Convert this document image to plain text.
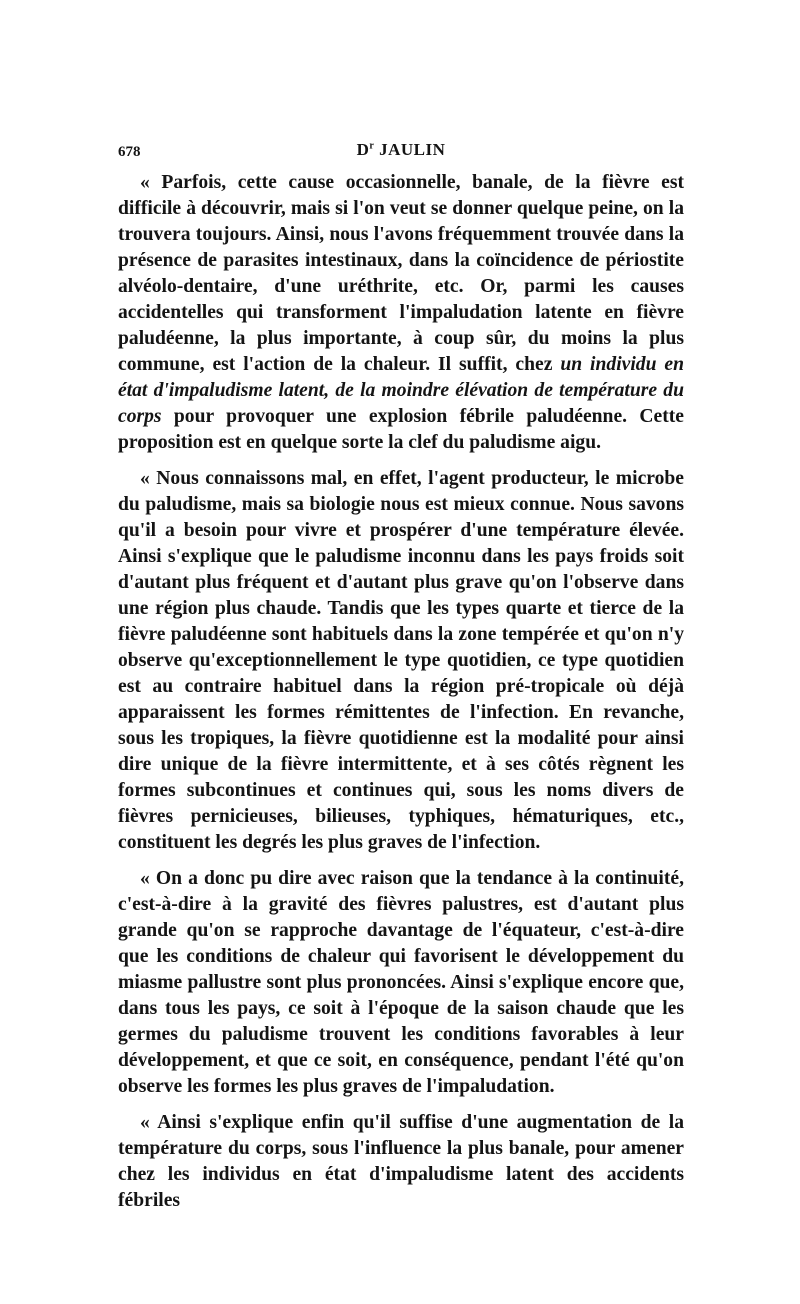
678	$D^r$ JAULIN

« Parfois, cette cause occasionnelle, banale, de la fièvre est difficile à découvrir, mais si l'on veut se donner quelque peine, on la trouvera toujours. Ainsi, nous l'avons fréquemment trouvée dans la présence de parasites intestinaux, dans la coïncidence de périostite alvéolo-dentaire, d'une uréthrite, etc. Or, parmi les causes accidentelles qui transforment l'impaludation latente en fièvre paludéenne, la plus importante, à coup sûr, du moins la plus commune, est l'action de la chaleur. Il suffit, chez un individu en état d'impaludisme latent, de la moindre élévation de température du corps pour provoquer une explosion fébrile paludéenne. Cette proposition est en quelque sorte la clef du paludisme aigu.

« Nous connaissons mal, en effet, l'agent producteur, le microbe du paludisme, mais sa biologie nous est mieux connue. Nous savons qu'il a besoin pour vivre et prospérer d'une température élevée. Ainsi s'explique que le paludisme inconnu dans les pays froids soit d'autant plus fréquent et d'autant plus grave qu'on l'observe dans une région plus chaude. Tandis que les types quarte et tierce de la fièvre paludéenne sont habituels dans la zone tempérée et qu'on n'y observe qu'exceptionnellement le type quotidien, ce type quotidien est au contraire habituel dans la région pré-tropicale où déjà apparaissent les formes rémittentes de l'infection. En revanche, sous les tropiques, la fièvre quotidienne est la modalité pour ainsi dire unique de la fièvre intermittente, et à ses côtés règnent les formes subcontinues et continues qui, sous les noms divers de fièvres pernicieuses, bilieuses, typhiques, hématuriques, etc., constituent les degrés les plus graves de l'infection.

« On a donc pu dire avec raison que la tendance à la continuité, c'est-à-dire à la gravité des fièvres palustres, est d'autant plus grande qu'on se rapproche davantage de l'équateur, c'est-à-dire que les conditions de chaleur qui favorisent le développement du miasme pallustre sont plus prononcées. Ainsi s'explique encore que, dans tous les pays, ce soit à l'époque de la saison chaude que les germes du paludisme trouvent les conditions favorables à leur développement, et que ce soit, en conséquence, pendant l'été qu'on observe les formes les plus graves de l'impaludation.

« Ainsi s'explique enfin qu'il suffise d'une augmentation de la température du corps, sous l'influence la plus banale, pour amener chez les individus en état d'impaludisme latent des accidents fébriles
